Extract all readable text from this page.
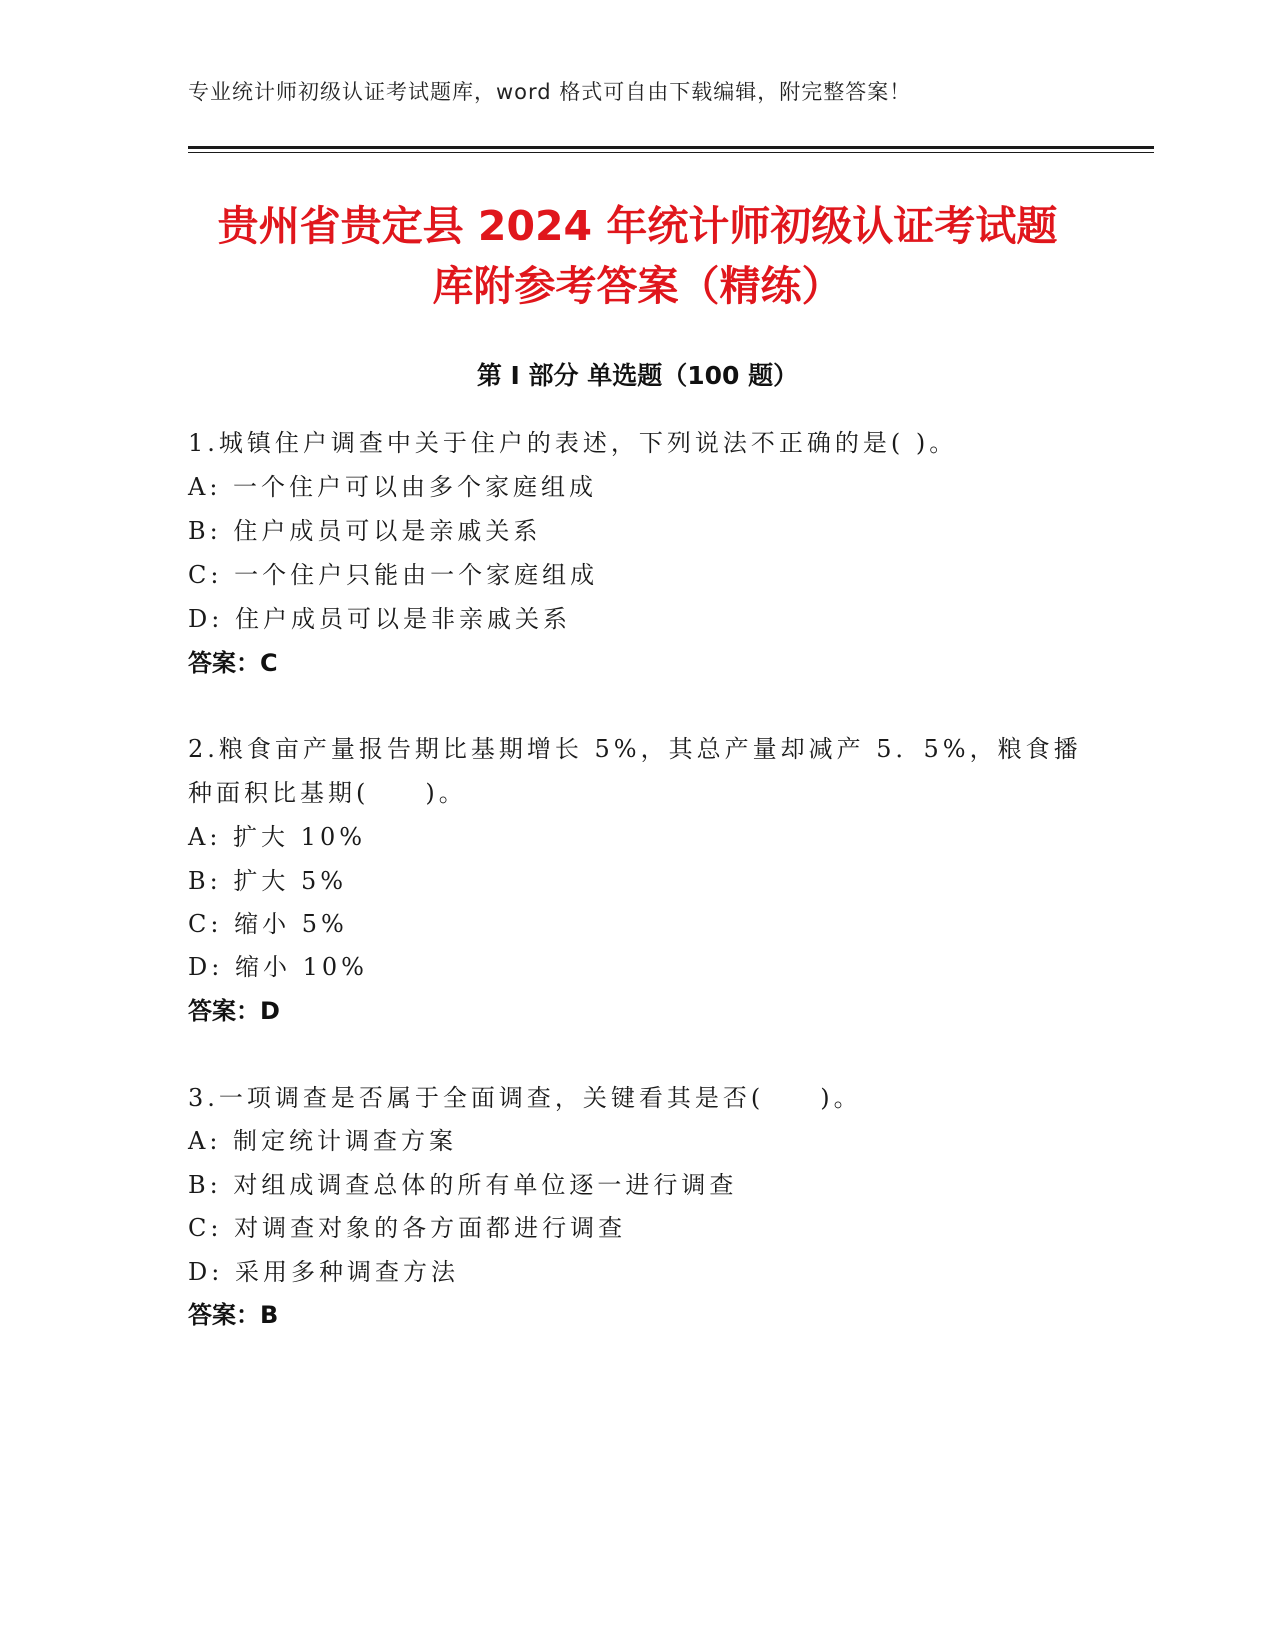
专业统计师初级认证考试题库，word 格式可自由下载编辑，附完整答案！
贵州省贵定县 2024 年统计师初级认证考试题
库附参考答案（精练）
第 I 部分 单选题（100 题）
1.城镇住户调查中关于住户的表述，下列说法不正确的是( )。
A: 一个住户可以由多个家庭组成
B: 住户成员可以是亲戚关系
C: 一个住户只能由一个家庭组成
D: 住户成员可以是非亲戚关系
答案：C
2.粮食亩产量报告期比基期增长 5%，其总产量却减产 5．5%，粮食播
种面积比基期(　　)。
A: 扩大 10%
B: 扩大 5%
C: 缩小 5%
D: 缩小 10%
答案：D
3.一项调查是否属于全面调查，关键看其是否(　　)。
A: 制定统计调查方案
B: 对组成调查总体的所有单位逐一进行调查
C: 对调查对象的各方面都进行调查
D: 采用多种调查方法
答案：B
